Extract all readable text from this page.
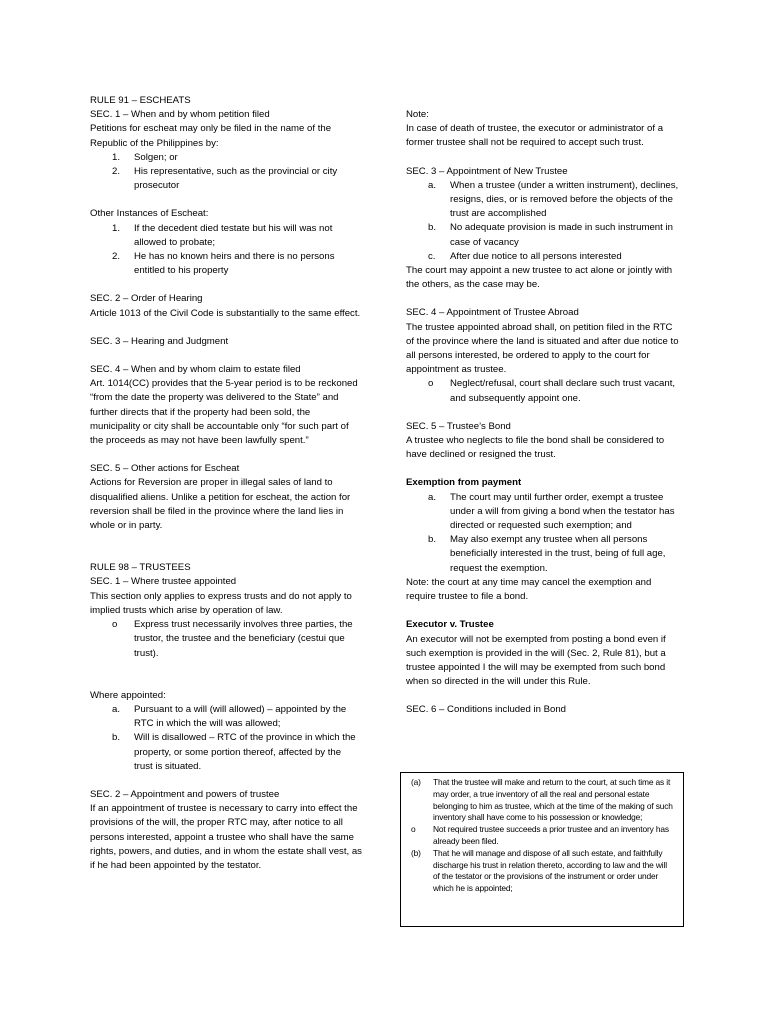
RULE 91 – ESCHEATS

SEC. 1 – When and by whom petition filed

Petitions for escheat may only be filed in the name of the Republic of the Philippines by:

1.	Solgen; or
2.	His representative, such as the provincial or city prosecutor

Other Instances of Escheat:

1.	If the decedent died testate but his will was not allowed to probate;
2.	He has no known heirs and there is no persons entitled to his property

SEC. 2 – Order of Hearing

Article 1013 of the Civil Code is substantially to the same effect.

SEC. 3 – Hearing and Judgment

SEC. 4 – When and by whom claim to estate filed

Art. 1014(CC) provides that the 5-year period is to be reckoned “from the date the property was delivered to the State” and further directs that if the property had been sold, the municipality or city shall be accountable only “for such part of the proceeds as may not have been lawfully spent.”

SEC. 5 – Other actions for Escheat

Actions for Reversion are proper in illegal sales of land to disqualified aliens. Unlike a petition for escheat, the action for reversion shall be filed in the province where the land lies in whole or in party.

RULE 98 – TRUSTEES

SEC. 1 – Where trustee appointed

This section only applies to express trusts and do not apply to implied trusts which arise by operation of law.

o	Express trust necessarily involves three parties, the trustor, the trustee and the beneficiary (cestui que trust).

Where appointed:

a.	Pursuant to a will (will allowed) – appointed by the RTC in which the will was allowed;
b.	Will is disallowed – RTC of the province in which the property, or some portion thereof, affected by the trust is situated.

SEC. 2 – Appointment and powers of trustee

If an appointment of trustee is necessary to carry into effect the provisions of the will, the proper RTC may, after notice to all persons interested, appoint a trustee who shall have the same rights, powers, and duties, and in whom the estate shall vest, as if he had been appointed by the testator.

Note:

In case of death of trustee, the executor or administrator of a former trustee shall not be required to accept such trust.

SEC. 3 – Appointment of New Trustee

a.	When a trustee (under a written instrument), declines, resigns, dies, or is removed before the objects of the trust are accomplished
b.	No adequate provision is made in such instrument in case of vacancy
c.	After due notice to all persons interested

The court may appoint a new trustee to act alone or jointly with the others, as the case may be.

SEC. 4 – Appointment of Trustee Abroad

The trustee appointed abroad shall, on petition filed in the RTC of the province where the land is situated and after due notice to all persons interested, be ordered to apply to the court for appointment as trustee.

o	Neglect/refusal, court shall declare such trust vacant, and subsequently appoint one.

SEC. 5 – Trustee’s Bond

A trustee who neglects to file the bond shall be considered to have declined or resigned the trust.

Exemption from payment

a.	The court may until further order, exempt a trustee under a will from giving a bond when the testator has directed or requested such exemption; and
b.	May also exempt any trustee when all persons beneficially interested in the trust, being of full age, request the exemption.

Note: the court at any time may cancel the exemption and require trustee to file a bond.

Executor v. Trustee

An executor will not be exempted from posting a bond even if such exemption is provided in the will (Sec. 2, Rule 81), but a trustee appointed I the will may be exempted from such bond when so directed in the will under this Rule.

SEC. 6 – Conditions included in Bond

(a)	That the trustee will make and return to the court, at such time as it may order, a true inventory of all the real and personal estate belonging to him as trustee, which at the time of the making of such inventory shall have come to his possession or knowledge;
o	Not required trustee succeeds a prior trustee and an inventory has already been filed.
(b)	That he will manage and dispose of all such estate, and faithfully discharge his trust in relation thereto, according to law and the will of the testator or the provisions of the instrument or order under which he is appointed;
